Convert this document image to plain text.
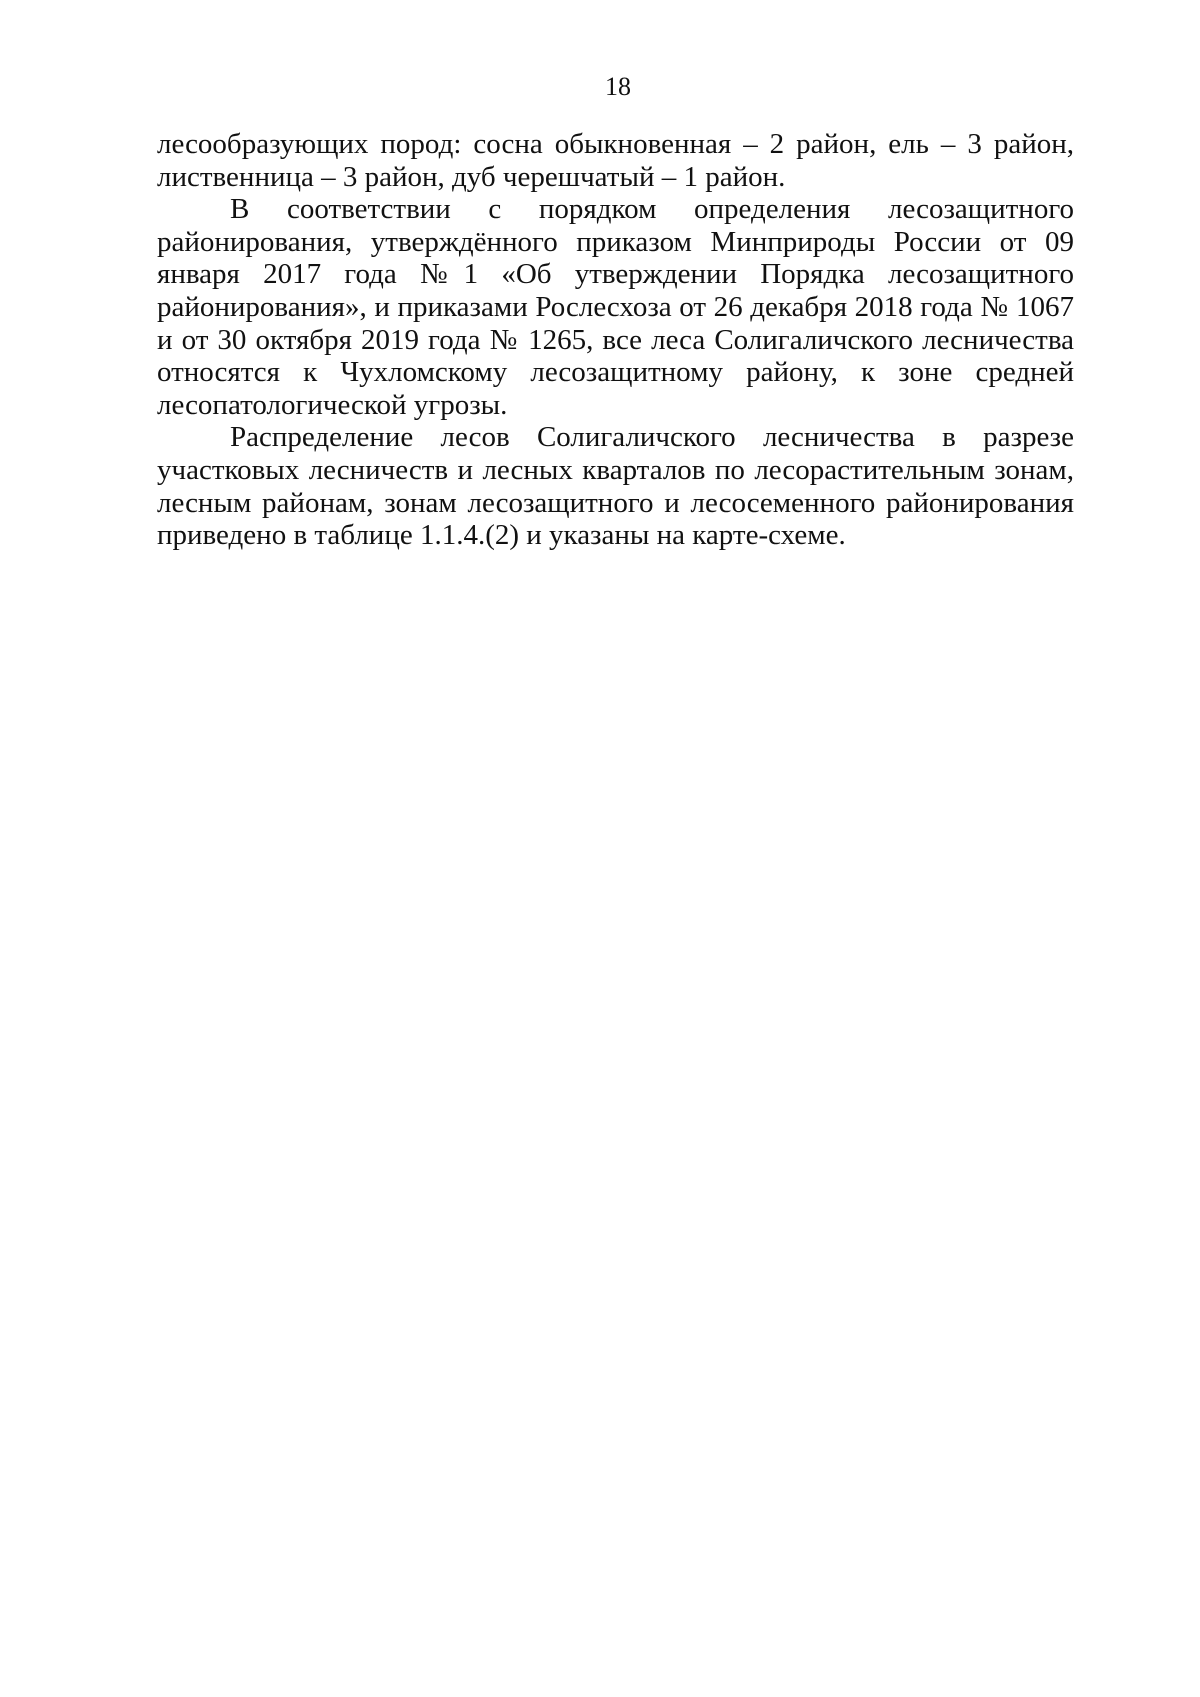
18

лесообразующих пород: сосна обыкновенная – 2 район, ель – 3 район, лиственница – 3 район, дуб черешчатый – 1 район.

В соответствии с порядком определения лесозащитного районирования, утверждённого приказом Минприроды России от 09 января 2017 года №1 «Об утверждении Порядка лесозащитного районирования», и приказами Рослесхоза от 26 декабря 2018 года № 1067 и от 30 октября 2019 года № 1265, все леса Солигаличского лесничества относятся к Чухломскому лесозащитному району, к зоне средней лесопатологической угрозы.

Распределение лесов Солигаличского лесничества в разрезе участковых лесничеств и лесных кварталов по лесорастительным зонам, лесным районам, зонам лесозащитного и лесосеменного районирования приведено в таблице 1.1.4.(2) и указаны на карте-схеме.
